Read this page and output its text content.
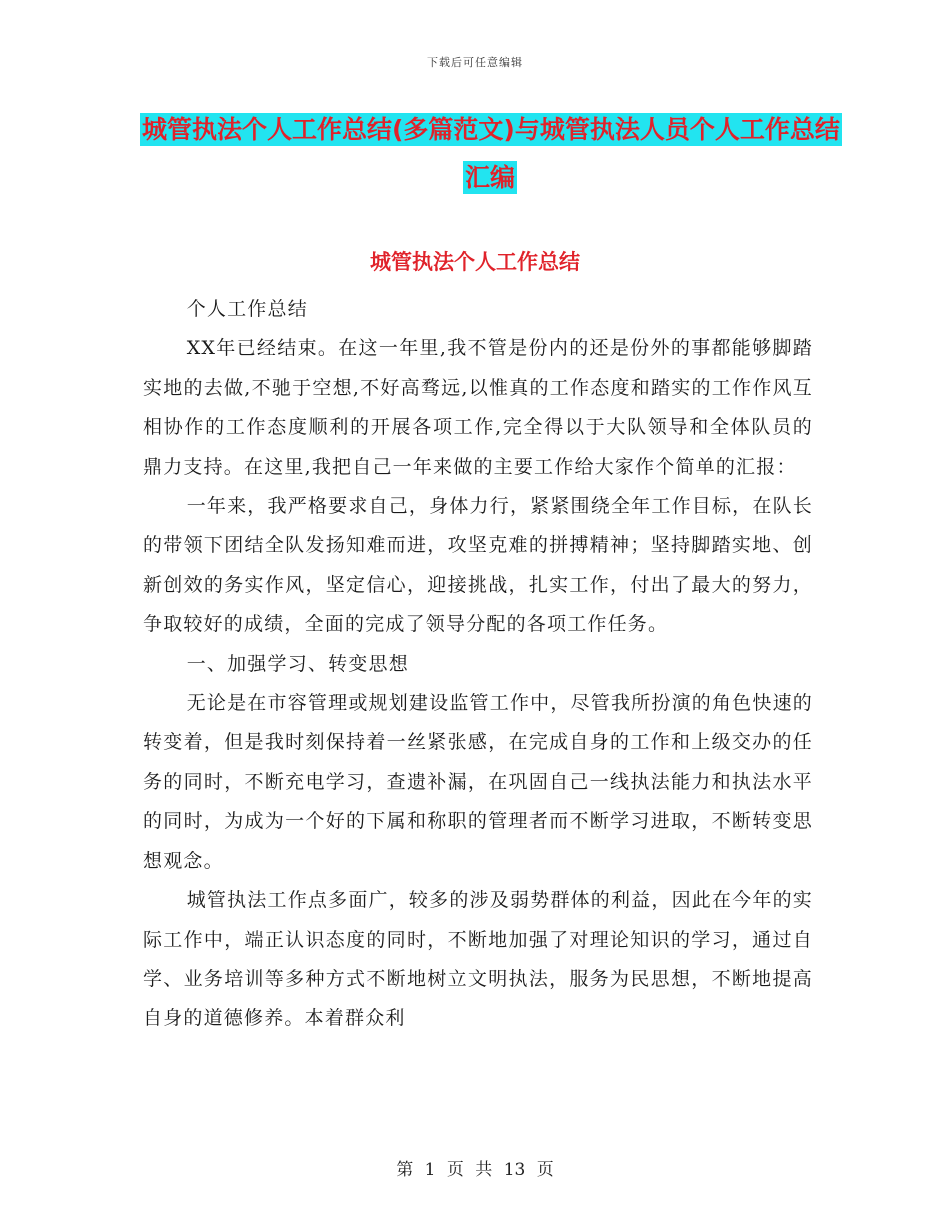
下载后可任意编辑
城管执法个人工作总结(多篇范文)与城管执法人员个人工作总结汇编
城管执法个人工作总结

个人工作总结

XX年已经结束。在这一年里,我不管是份内的还是份外的事都能够脚踏实地的去做,不驰于空想,不好高骛远,以惟真的工作态度和踏实的工作作风互相协作的工作态度顺利的开展各项工作,完全得以于大队领导和全体队员的鼎力支持。在这里,我把自己一年来做的主要工作给大家作个简单的汇报：

一年来，我严格要求自己，身体力行，紧紧围绕全年工作目标，在队长的带领下团结全队发扬知难而进，攻坚克难的拼搏精神；坚持脚踏实地、创新创效的务实作风，坚定信心，迎接挑战，扎实工作，付出了最大的努力，争取较好的成绩，全面的完成了领导分配的各项工作任务。

一、加强学习、转变思想

无论是在市容管理或规划建设监管工作中，尽管我所扮演的角色快速的转变着，但是我时刻保持着一丝紧张感，在完成自身的工作和上级交办的任务的同时，不断充电学习，查遗补漏，在巩固自己一线执法能力和执法水平的同时，为成为一个好的下属和称职的管理者而不断学习进取，不断转变思想观念。

城管执法工作点多面广，较多的涉及弱势群体的利益，因此在今年的实际工作中，端正认识态度的同时，不断地加强了对理论知识的学习，通过自学、业务培训等多种方式不断地树立文明执法，服务为民思想，不断地提高自身的道德修养。本着群众利

第 1 页 共 13 页
